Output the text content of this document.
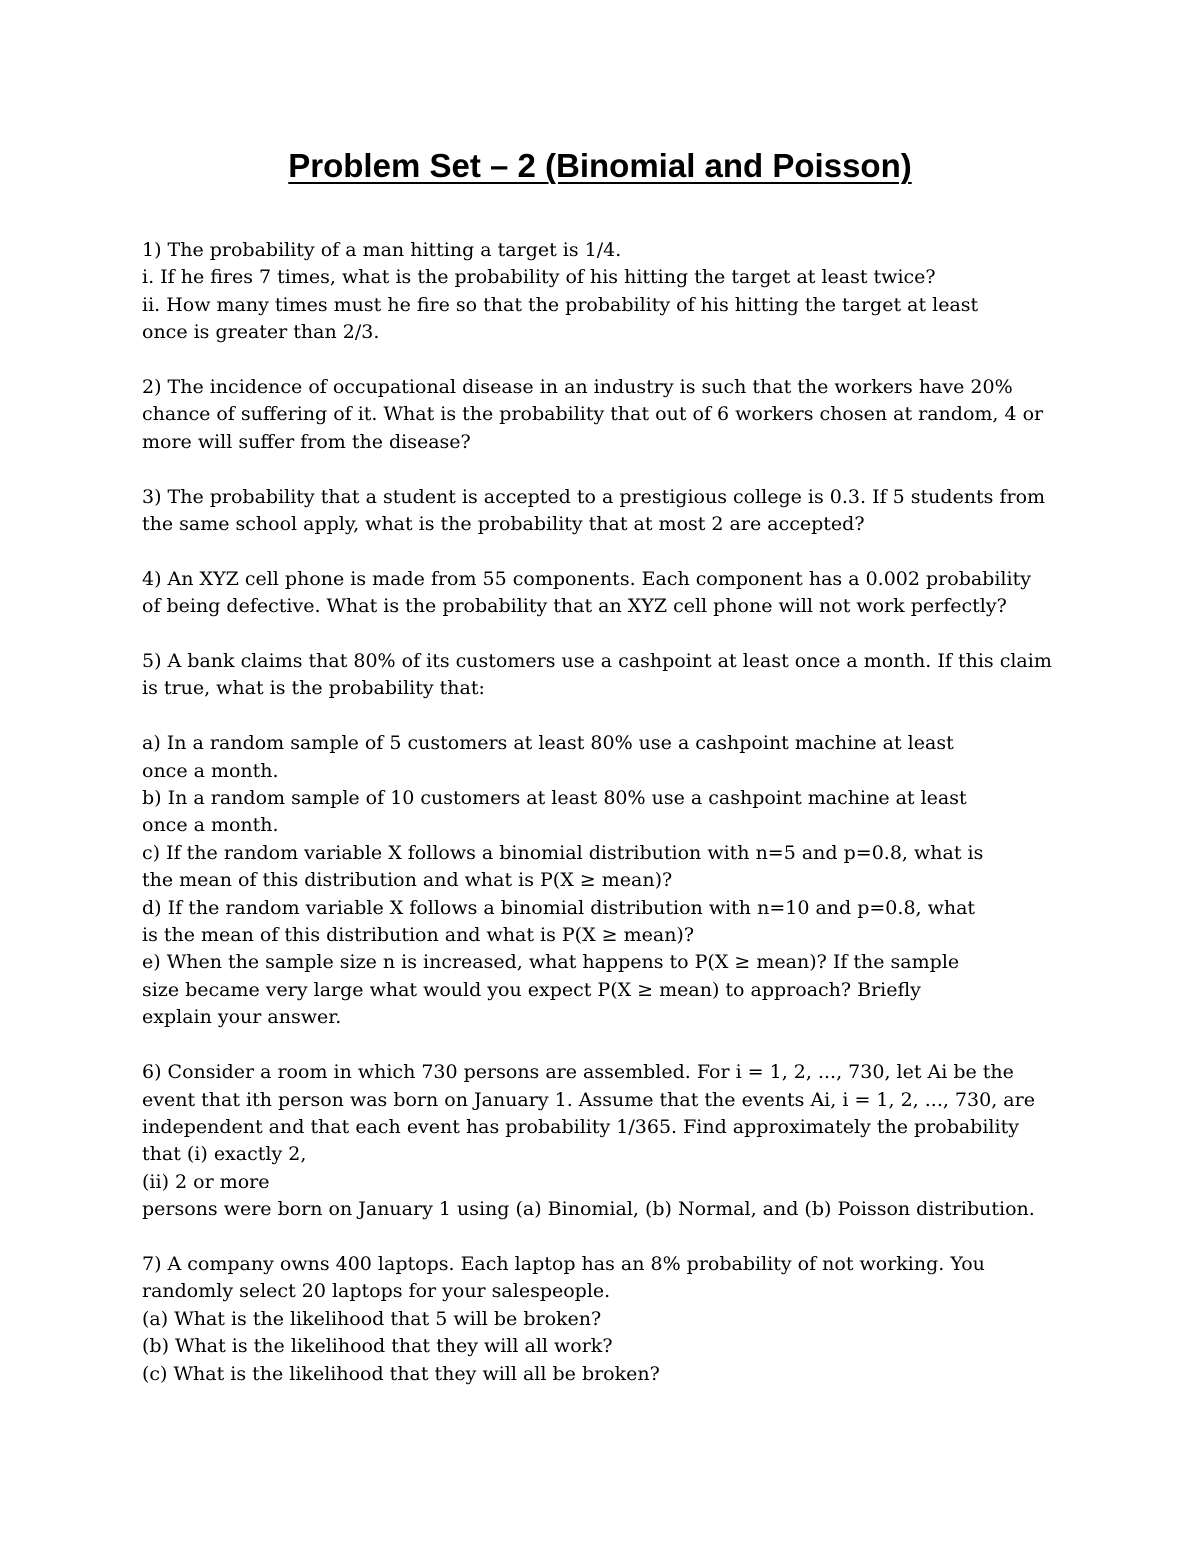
Problem Set – 2 (Binomial and Poisson)
1) The probability of a man hitting a target is 1/4.
i. If he fires 7 times, what is the probability of his hitting the target at least twice?
ii. How many times must he fire so that the probability of his hitting the target at least
once is greater than 2/3.
2) The incidence of occupational disease in an industry is such that the workers have 20%
chance of suffering of it. What is the probability that out of 6 workers chosen at random, 4 or
more will suffer from the disease?
3) The probability that a student is accepted to a prestigious college is 0.3. If 5 students from
the same school apply, what is the probability that at most 2 are accepted?
4) An XYZ cell phone is made from 55 components. Each component has a 0.002 probability
of being defective. What is the probability that an XYZ cell phone will not work perfectly?
5) A bank claims that 80% of its customers use a cashpoint at least once a month. If this claim
is true, what is the probability that:
a) In a random sample of 5 customers at least 80% use a cashpoint machine at least
once a month.
b) In a random sample of 10 customers at least 80% use a cashpoint machine at least
once a month.
c) If the random variable X follows a binomial distribution with n=5 and p=0.8, what is
the mean of this distribution and what is P(X ≥ mean)?
d) If the random variable X follows a binomial distribution with n=10 and p=0.8, what
is the mean of this distribution and what is P(X ≥ mean)?
e) When the sample size n is increased, what happens to P(X ≥ mean)? If the sample
size became very large what would you expect P(X ≥ mean) to approach? Briefly
explain your answer.
6) Consider a room in which 730 persons are assembled. For i = 1, 2, ..., 730, let Ai be the
event that ith person was born on January 1. Assume that the events Ai, i = 1, 2, ..., 730, are
independent and that each event has probability 1/365. Find approximately the probability
that (i) exactly 2,
(ii) 2 or more
persons were born on January 1 using (a) Binomial, (b) Normal, and (b) Poisson distribution.
7) A company owns 400 laptops. Each laptop has an 8% probability of not working. You
randomly select 20 laptops for your salespeople.
(a) What is the likelihood that 5 will be broken?
(b) What is the likelihood that they will all work?
(c) What is the likelihood that they will all be broken?
